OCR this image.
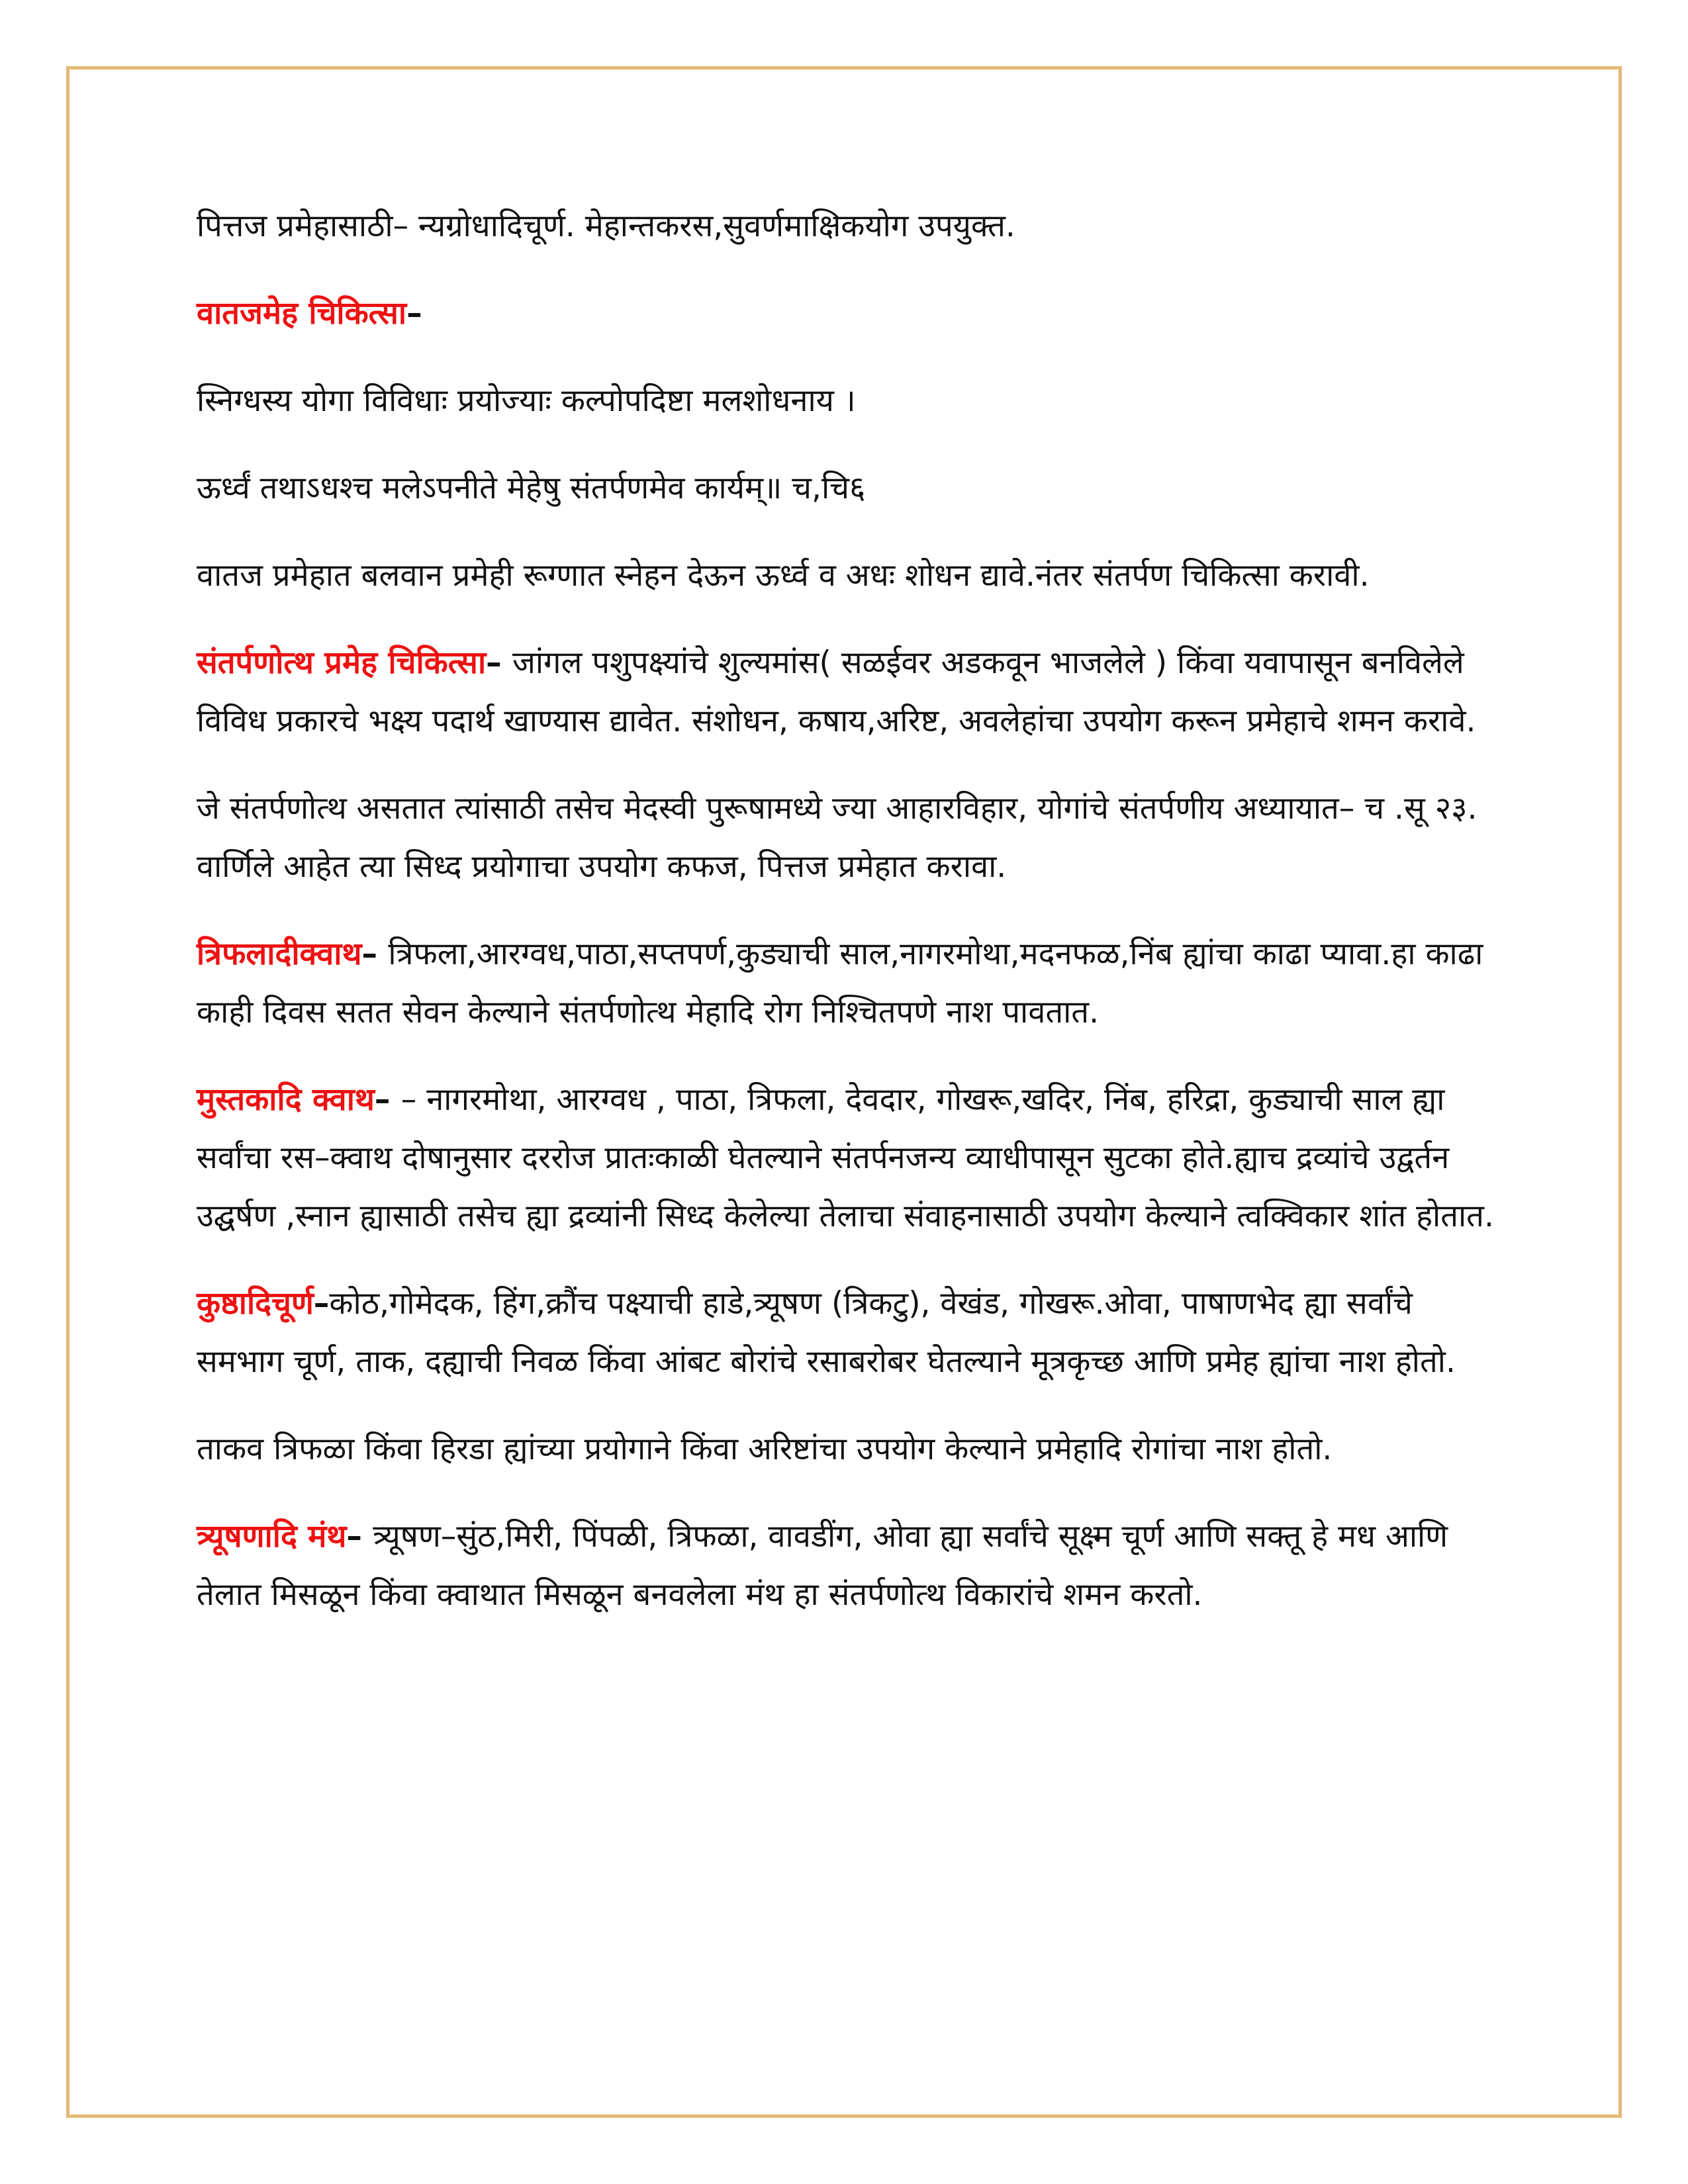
पित्तज प्रमेहासाठी– न्यग्रोधादिचूर्ण. मेहान्तकरस,सुवर्णमाक्षिकयोग उपयुक्त.

वातजमेह चिकित्सा–

स्निग्धस्य योगा विविधाः प्रयोज्याः कल्पोपदिष्टा मलशोधनाय ।

ऊर्ध्वं तथाऽधश्च मलेऽपनीते मेहेषु संतर्पणमेव कार्यम्॥ च,चि६

वातज प्रमेहात बलवान प्रमेही रूग्णात स्नेहन देऊन ऊर्ध्व व अधः शोधन द्यावे.नंतर संतर्पण चिकित्सा करावी.

संतर्पणोत्थ प्रमेह चिकित्सा– जांगल पशुपक्ष्यांचे शुल्यमांस( सळईवर अडकवून भाजलेले ) किंवा यवापासून बनविलेले विविध प्रकारचे भक्ष्य पदार्थ खाण्यास द्यावेत. संशोधन, कषाय,अरिष्ट, अवलेहांचा उपयोग करून प्रमेहाचे शमन करावे.

जे संतर्पणोत्थ असतात त्यांसाठी तसेच मेदस्वी पुरूषामध्ये ज्या आहारविहार, योगांचे संतर्पणीय अध्यायात– च .सू २३. वार्णिले आहेत त्या सिध्द प्रयोगाचा उपयोग कफज, पित्तज प्रमेहात करावा.

त्रिफलादीक्वाथ– त्रिफला,आरग्वध,पाठा,सप्तपर्ण,कुड्याची साल,नागरमोथा,मदनफळ,निंब ह्यांचा काढा प्यावा.हा काढा काही दिवस सतत सेवन केल्याने संतर्पणोत्थ मेहादि रोग निश्चितपणे नाश पावतात.

मुस्तकादि क्वाथ– – नागरमोथा, आरग्वध , पाठा, त्रिफला, देवदार, गोखरू,खदिर, निंब, हरिद्रा, कुड्याची साल ह्या सर्वांचा रस–क्वाथ दोषानुसार दररोज प्रातःकाळी घेतल्याने संतर्पनजन्य व्याधीपासून सुटका होते.ह्याच द्रव्यांचे उद्वर्तन उद्घर्षण ,स्नान ह्यासाठी तसेच ह्या द्रव्यांनी सिध्द केलेल्या तेलाचा संवाहनासाठी उपयोग केल्याने त्वक्विकार शांत होतात.

कुष्ठादिचूर्ण–कोठ,गोमेदक, हिंग,क्रौंच पक्ष्याची हाडे,त्र्यूषण (त्रिकटु), वेखंड, गोखरू.ओवा, पाषाणभेद ह्या सर्वांचे समभाग चूर्ण, ताक, दह्याची निवळ किंवा आंबट बोरांचे रसाबरोबर घेतल्याने मूत्रकृच्छ आणि प्रमेह ह्यांचा नाश होतो.

ताकव त्रिफळा किंवा हिरडा ह्यांच्या प्रयोगाने किंवा अरिष्टांचा उपयोग केल्याने प्रमेहादि रोगांचा नाश होतो.

त्र्यूषणादि मंथ– त्र्यूषण–सुंठ,मिरी, पिंपळी, त्रिफळा, वावडींग, ओवा ह्या सर्वांचे सूक्ष्म चूर्ण आणि सक्तू हे मध आणि तेलात मिसळून किंवा क्वाथात मिसळून बनवलेला मंथ हा संतर्पणोत्थ विकारांचे शमन करतो.
